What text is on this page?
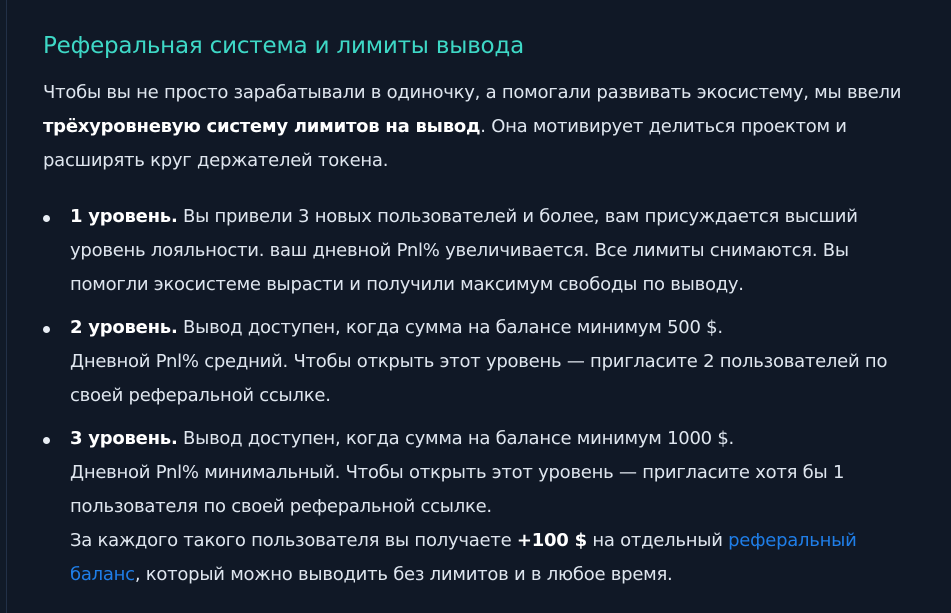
Реферальная система и лимиты вывода

Чтобы вы не просто зарабатывали в одиночку, а помогали развивать экосистему, мы ввели трёхуровневую систему лимитов на вывод. Она мотивирует делиться проектом и расширять круг держателей токена.

1 уровень. Вы привели 3 новых пользователей и более, вам присуждается высший уровень лояльности. ваш дневной Pnl% увеличивается. Все лимиты снимаются. Вы помогли экосистеме вырасти и получили максимум свободы по выводу.
2 уровень. Вывод доступен, когда сумма на балансе минимум 500 $.
Дневной Pnl% средний. Чтобы открыть этот уровень — пригласите 2 пользователей по своей реферальной ссылке.
3 уровень. Вывод доступен, когда сумма на балансе минимум 1000 $.
Дневной Pnl% минимальный. Чтобы открыть этот уровень — пригласите хотя бы 1 пользователя по своей реферальной ссылке.
За каждого такого пользователя вы получаете +100 $ на отдельный реферальный баланс, который можно выводить без лимитов и в любое время.
